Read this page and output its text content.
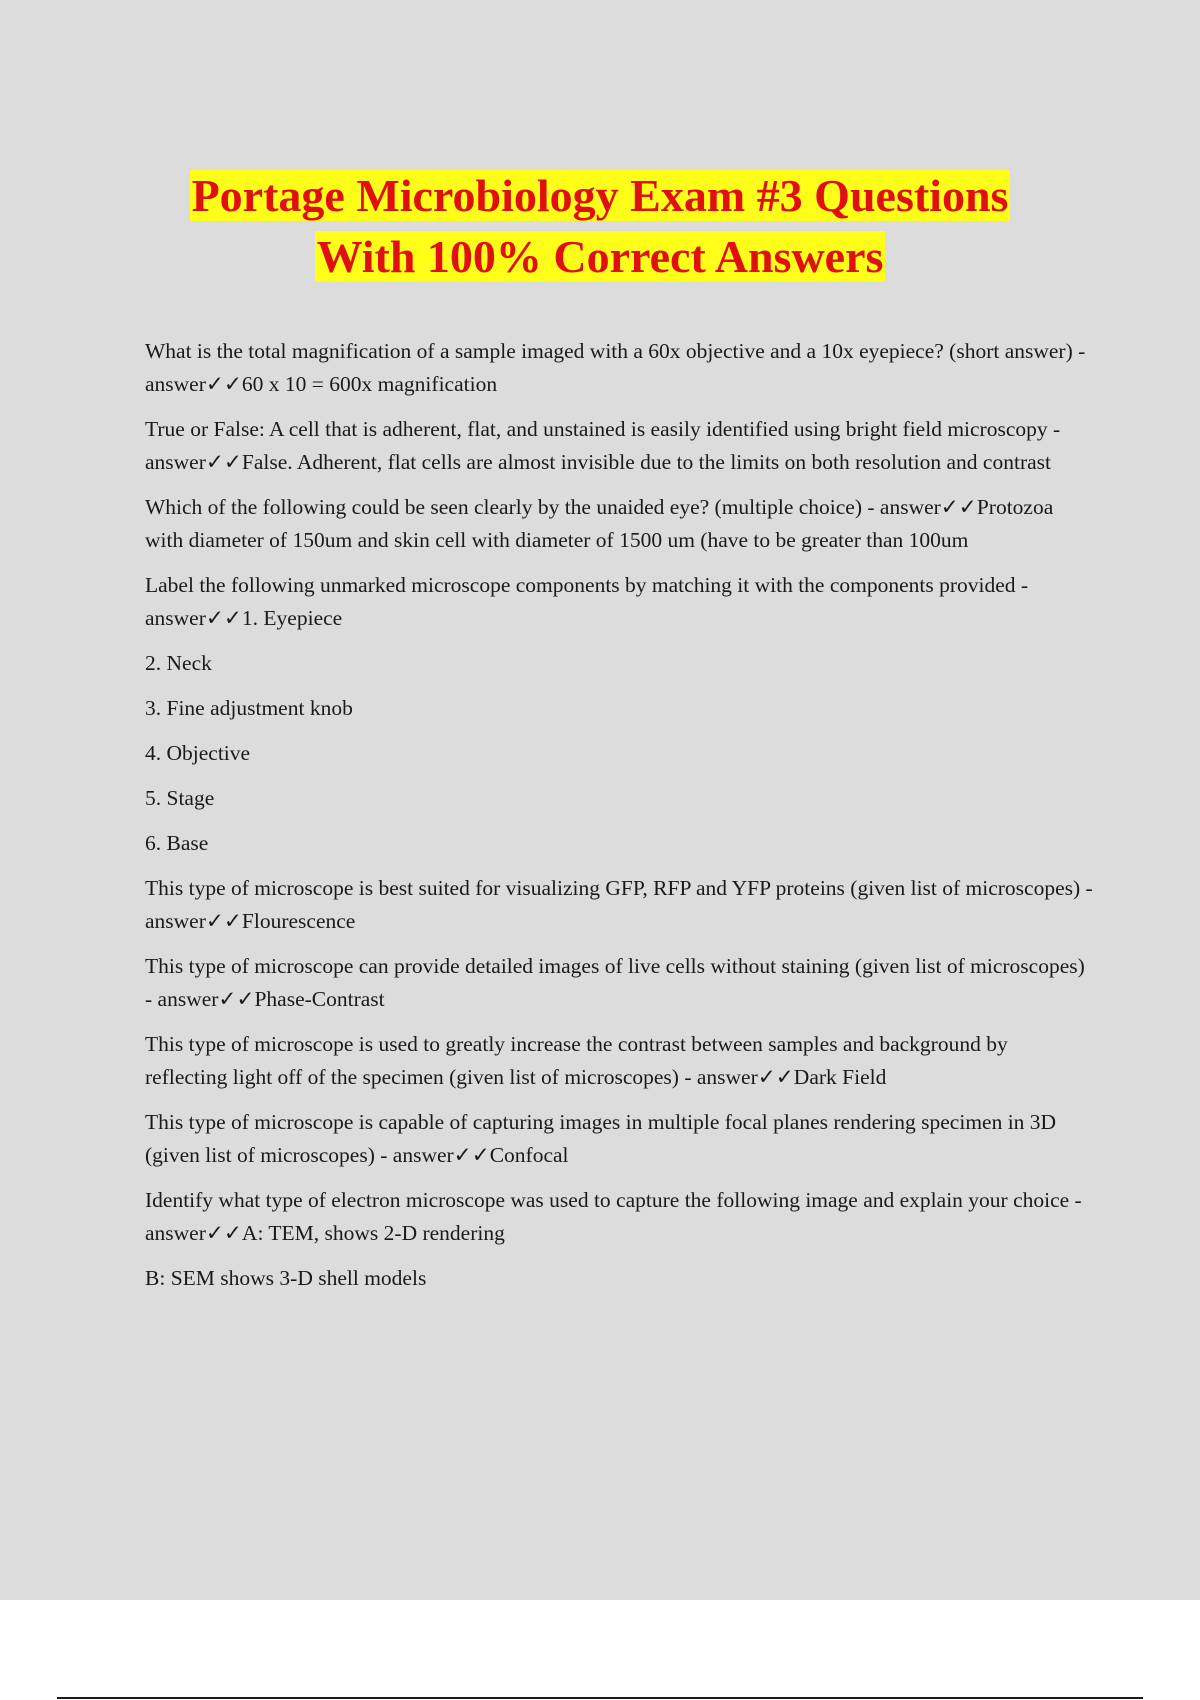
Portage Microbiology Exam #3 Questions
With 100% Correct Answers

What is the total magnification of a sample imaged with a 60x objective and a 10x eyepiece? (short answer) - answer✓✓60 x 10 = 600x magnification

True or False: A cell that is adherent, flat, and unstained is easily identified using bright field microscopy - answer✓✓False. Adherent, flat cells are almost invisible due to the limits on both resolution and contrast

Which of the following could be seen clearly by the unaided eye? (multiple choice) - answer✓✓Protozoa with diameter of 150um and skin cell with diameter of 1500 um (have to be greater than 100um

Label the following unmarked microscope components by matching it with the components provided - answer✓✓1. Eyepiece

2. Neck

3. Fine adjustment knob

4. Objective

5. Stage

6. Base

This type of microscope is best suited for visualizing GFP, RFP and YFP proteins (given list of microscopes) - answer✓✓Flourescence

This type of microscope can provide detailed images of live cells without staining (given list of microscopes) - answer✓✓Phase-Contrast

This type of microscope is used to greatly increase the contrast between samples and background by reflecting light off of the specimen (given list of microscopes) - answer✓✓Dark Field

This type of microscope is capable of capturing images in multiple focal planes rendering specimen in 3D (given list of microscopes) - answer✓✓Confocal

Identify what type of electron microscope was used to capture the following image and explain your choice - answer✓✓A: TEM, shows 2-D rendering

B: SEM shows 3-D shell models
